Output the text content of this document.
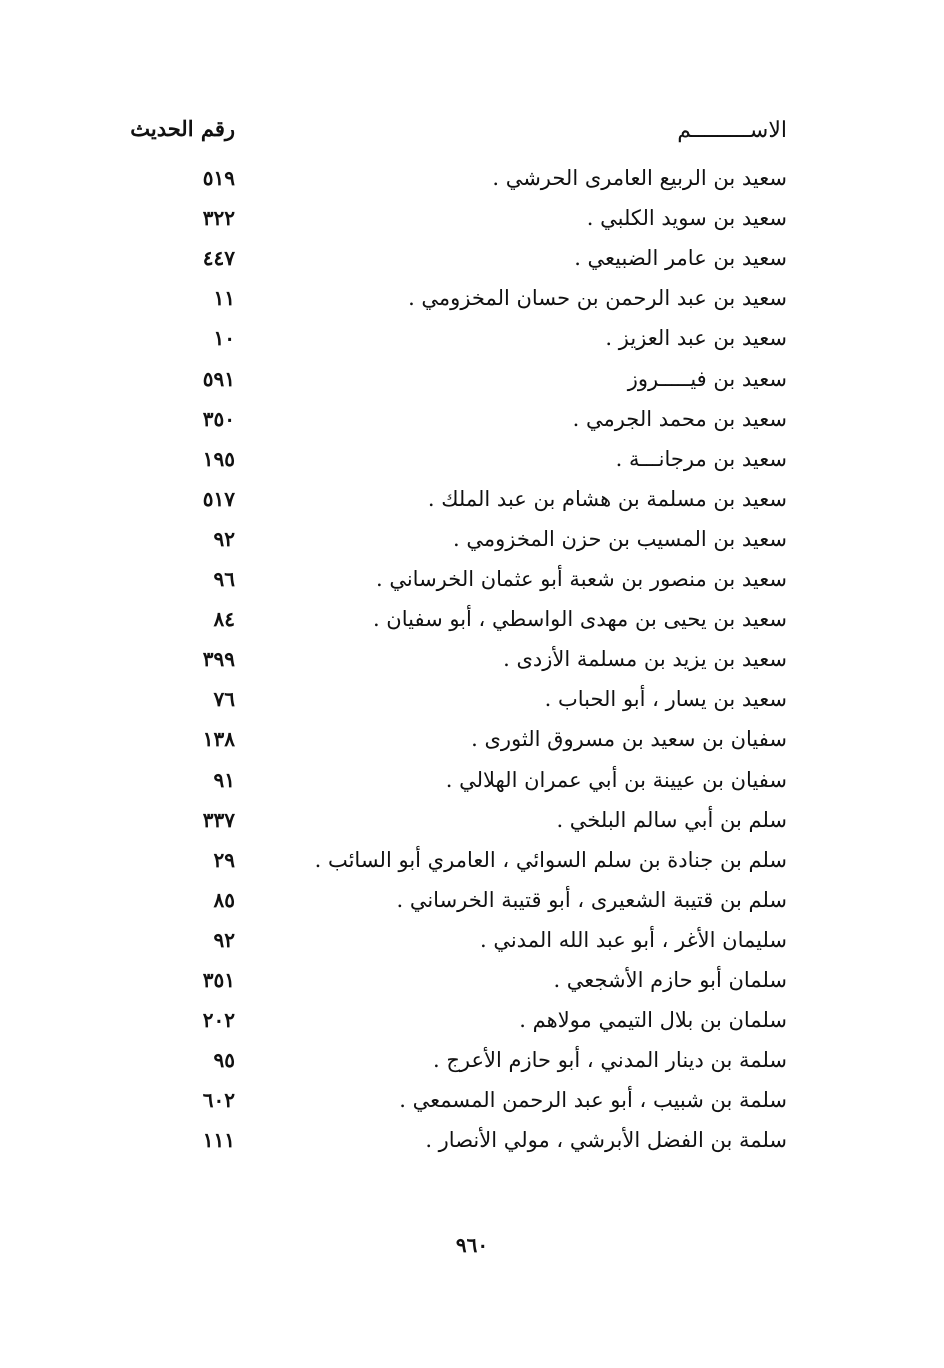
الاســـــــــم
رقم الحديث
سعيد بن الربيع العامرى الحرشي .
٥١٩
سعيد بن سويد الكلبي .
٣٢٢
سعيد بن عامر الضبيعي .
٤٤٧
سعيد بن عبد الرحمن بن حسان المخزومي .
١١
سعيد بن عبد العزيز .
١٠
سعيد بن فيـــــروز
٥٩١
سعيد بن محمد الجرمي .
٣٥٠
سعيد بن مرجانـــة .
١٩٥
سعيد بن مسلمة بن هشام بن عبد الملك .
٥١٧
سعيد بن المسيب بن حزن المخزومي .
٩٢
سعيد بن منصور بن شعبة أبو عثمان الخرساني .
٩٦
سعيد بن يحيى بن مهدى الواسطي ، أبو سفيان .
٨٤
سعيد بن يزيد بن مسلمة الأزدى .
٣٩٩
سعيد بن يسار ، أبو الحباب .
٧٦
سفيان بن سعيد بن مسروق الثورى .
١٣٨
سفيان بن عيينة بن أبي عمران الهلالي .
٩١
سلم بن أبي سالم البلخي .
٣٣٧
سلم بن جنادة بن سلم السوائي ، العامري أبو السائب .
٢٩
سلم بن قتيبة الشعيرى ، أبو قتيبة الخرساني .
٨٥
سليمان الأغر ، أبو عبد الله المدني .
٩٢
سلمان أبو حازم الأشجعي .
٣٥١
سلمان بن بلال التيمي مولاهم .
٢٠٢
سلمة بن دينار المدني ، أبو حازم الأعرج .
٩٥
سلمة بن شبيب ، أبو عبد الرحمن المسمعي .
٦٠٢
سلمة بن الفضل الأبرشي ، مولي الأنصار .
١١١
٩٦٠
